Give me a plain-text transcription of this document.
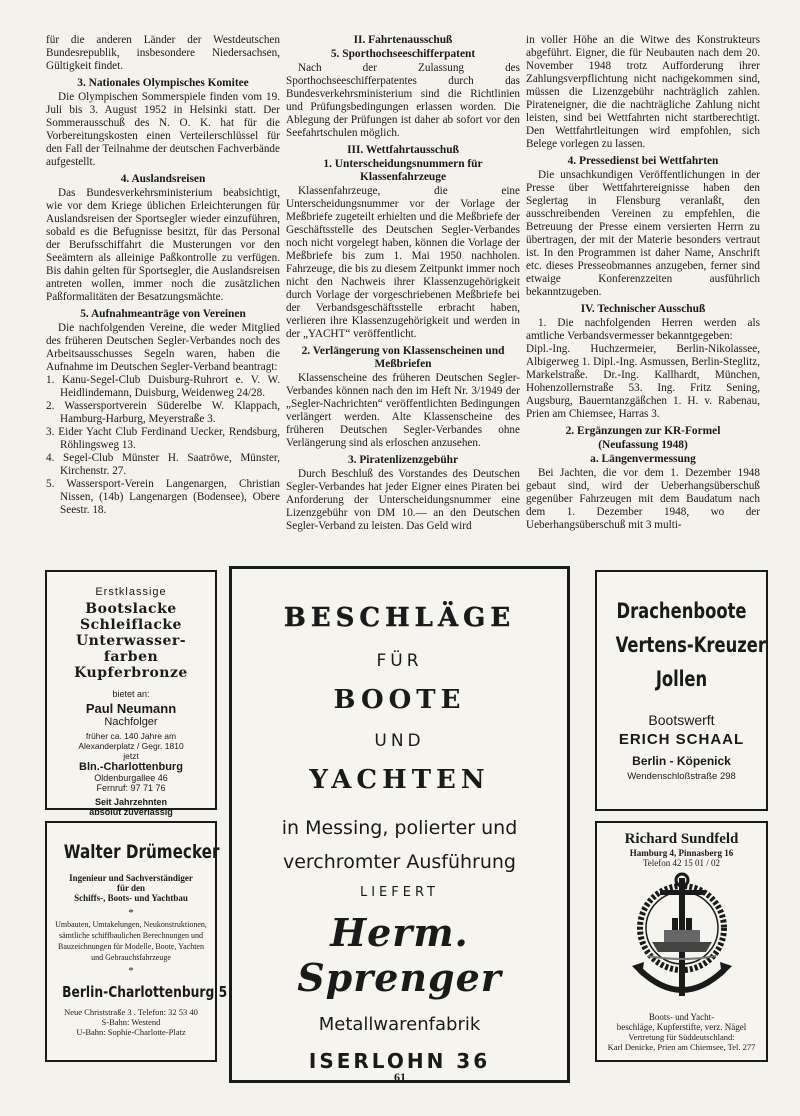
für die anderen Länder der Westdeutschen Bundesrepublik, insbesondere Niedersachsen, Gültigkeit findet.

3. Nationales Olympisches Komitee

Die Olympischen Sommerspiele finden vom 19. Juli bis 3. August 1952 in Helsinki statt. Der Sommerausschuß des N. O. K. hat für die Vorbereitungskosten einen Verteilerschlüssel für den Fall der Teilnahme der deutschen Fachverbände aufgestellt.

4. Auslandsreisen

Das Bundesverkehrsministerium beabsichtigt, wie vor dem Kriege üblichen Erleichterungen für Auslandsreisen der Sportsegler wieder einzuführen, sobald es die Befugnisse besitzt, für das Personal der Berufsschiffahrt die Musterungen vor den Seeämtern als alleinige Paßkontrolle zu verfügen. Bis dahin gelten für Sportsegler, die Auslandsreisen antreten wollen, immer noch die zusätzlichen Paßformalitäten der Besatzungsmächte.

5. Aufnahmeanträge von Vereinen

Die nachfolgenden Vereine, die weder Mitglied des früheren Deutschen Segler-Verbandes noch des Arbeitsausschusses Segeln waren, haben die Aufnahme im Deutschen Segler-Verband beantragt:

1. Kanu-Segel-Club Duisburg-Ruhrort e. V. W. Heidlindemann, Duisburg, Weidenweg 24/28.
2. Wassersportverein Süderelbe W. Klappach, Hamburg-Harburg, Meyerstraße 3.
3. Eider Yacht Club Ferdinand Uecker, Rendsburg, Röhlingsweg 13.
4. Segel-Club Münster H. Saatröwe, Münster, Kirchenstr. 27.
5. Wassersport-Verein Langenargen, Christian Nissen, (14b) Langenargen (Bodensee), Obere Seestr. 18.
II. Fahrtenausschuß
5. Sporthochseeschifferpatent

Nach der Zulassung des Sporthochseeschifferpatentes durch das Bundesverkehrsministerium sind die Richtlinien und Prüfungsbedingungen erlassen worden. Die Ablegung der Prüfungen ist daher ab sofort vor den Seefahrtschulen möglich.

III. Wettfahrtausschuß
1. Unterscheidungsnummern für Klassenfahrzeuge

Klassenfahrzeuge, die eine Unterscheidungsnummer vor der Vorlage der Meßbriefe zugeteilt erhielten und die Meßbriefe der Geschäftsstelle des Deutschen Segler-Verbandes noch nicht vorgelegt haben, können die Vorlage der Meßbriefe bis zum 1. Mai 1950 nachholen. Fahrzeuge, die bis zu diesem Zeitpunkt immer noch nicht den Nachweis ihrer Klassenzugehörigkeit durch Vorlage der vorgeschriebenen Meßbriefe bei der Verbandsgeschäftsstelle erbracht haben, verlieren ihre Klassenzugehörigkeit und werden in der „YACHT“ veröffentlicht.

2. Verlängerung von Klassenscheinen und Meßbriefen

Klassenscheine des früheren Deutschen Segler-Verbandes können nach den im Heft Nr. 3/1949 der „Segler-Nachrichten“ veröffentlichten Bedingungen verlängert werden. Alte Klassenscheine des früheren Deutschen Segler-Verbandes ohne Verlängerung sind als erloschen anzusehen.

3. Piratenlizenzgebühr

Durch Beschluß des Vorstandes des Deutschen Segler-Verbandes hat jeder Eigner eines Piraten bei Anforderung der Unterscheidungsnummer eine Lizenzgebühr von DM 10.— an den Deutschen Segler-Verband zu leisten. Das Geld wird

in voller Höhe an die Witwe des Konstrukteurs abgeführt. Eigner, die für Neubauten nach dem 20. November 1948 trotz Aufforderung ihrer Zahlungsverpflichtung nicht nachgekommen sind, müssen die Lizenzgebühr nachträglich zahlen. Pirateneigner, die die nachträgliche Zahlung nicht leisten, sind bei Wettfahrten nicht startberechtigt. Den Wettfahrtleitungen wird empfohlen, sich Belege vorlegen zu lassen.

4. Pressedienst bei Wettfahrten

Die unsachkundigen Veröffentlichungen in der Presse über Wettfahrtereignisse haben den Seglertag in Flensburg veranlaßt, den ausschreibenden Vereinen zu empfehlen, die Betreuung der Presse einem versierten Herrn zu übertragen, der mit der Materie besonders vertraut ist. In den Programmen ist daher Name, Anschrift etc. dieses Presseobmannes anzugeben, ferner sind etwaige Konferenzzeiten ausführlich bekanntzugeben.

IV. Technischer Ausschuß

1. Die nachfolgenden Herren werden als amtliche Verbandsvermesser bekanntgegeben:

Dipl.-Ing. Huchzermeier, Berlin-Nikolassee, Albigerweg 1. Dipl.-Ing. Asmussen, Berlin-Steglitz, Markelstraße. Dr.-Ing. Kallhardt, München, Hohenzollernstraße 53. Ing. Fritz Sening, Augsburg, Bauerntanzgäßchen 1. H. v. Rabenau, Prien am Chiemsee, Harras 3.

2. Ergänzungen zur KR-Formel
(Neufassung 1948)
a. Längenvermessung

Bei Jachten, die vor dem 1. Dezember 1948 gebaut sind, wird der Ueberhangsüberschuß gegenüber Fahrzeugen mit dem Baudatum nach dem 1. Dezember 1948, wo der Ueberhangsüberschuß mit 3 multi-

Erstklassige
Bootslacke
Schleiflacke
Unterwasser-
farben
Kupferbronze
bietet an:
Paul Neumann
Nachfolger
früher ca. 140 Jahre am
Alexanderplatz / Gegr. 1810
jetzt
Bln.-Charlottenburg
Oldenburgallee 46
Fernruf: 97 71 76
Seit Jahrzehnten
absolut zuverlässig
BESCHLÄGE
FÜR
BOOTE
UND
YACHTEN
in Messing, polierter und
verchromter Ausführung
LIEFERT
Herm. Sprenger
Metallwarenfabrik
ISERLOHN 36
Drachenboote
Vertens-Kreuzer
Jollen
Bootswerft
ERICH SCHAAL
Berlin - Köpenick
Wendenschloßstraße 298
Walter Drümecker
Ingenieur und Sachverständiger
für den
Schiffs-, Boots- und Yachtbau
*
Umbauten, Umtakelungen, Neukonstruktionen, sämtliche schiffbaulichen Berechnungen und Bauzeichnungen für Modelle, Boote, Yachten und Gebrauchsfahrzeuge
*
Berlin-Charlottenburg 5
Neue Christstraße 3 . Telefon: 32 53 40
S-Bahn: Westend
U-Bahn: Sophie-Charlotte-Platz
Richard Sundfeld
Hamburg 4, Pinnasberg 16
Telefon 42 15 01 / 02
Boots- und Yacht-
beschläge, Kupferstifte, verz. Nägel
Vertretung für Süddeutschland:
Karl Denicke, Prien am Chiemsee, Tel. 277
61
